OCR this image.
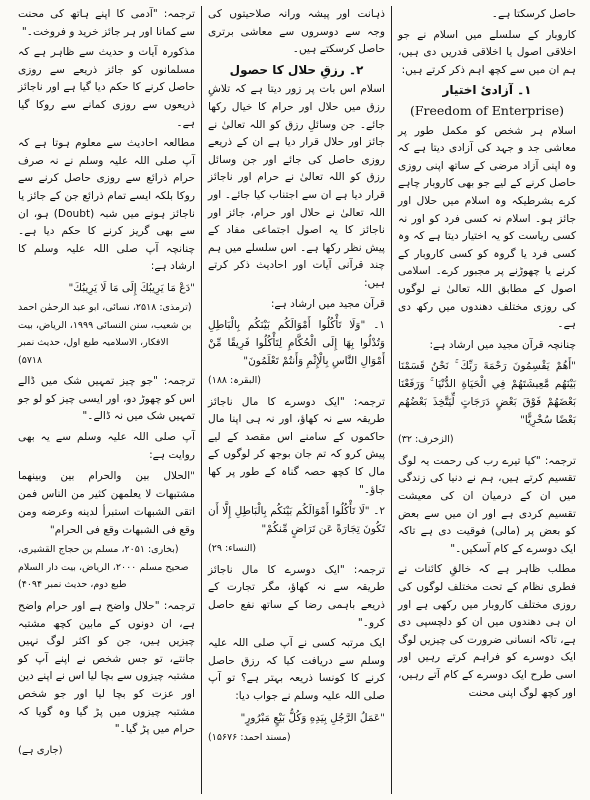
حاصل کرسکتا ہے۔
کاروبار کے سلسلے میں اسلام نے جو اخلاقی اصول یا اخلاقی قدریں دی ہیں، ہم ان میں سے کچھ اہم ذکر کرتے ہیں:
۱۔ آزادیٔ اختیار
(Freedom of Enterprise)
اسلام ہر شخص کو مکمل طور پر معاشی جد و جہد کی آزادی دیتا ہے کہ وہ اپنی آزاد مرضی کے ساتھ اپنی روزی حاصل کرنے کے لیے جو بھی کاروبار چاہے کرے بشرطیکہ وہ اسلام میں حلال اور جائز ہو۔ اسلام نہ کسی فرد کو اور نہ کسی ریاست کو یہ اختیار دیتا ہے کہ وہ کسی فرد یا گروہ کو کسی کاروبار کے کرنے یا چھوڑنے پر مجبور کرے۔ اسلامی اصول کے مطابق اللہ تعالیٰ نے لوگوں کی روزی مختلف دھندوں میں رکھ دی ہے۔
چنانچہ قرآن مجید میں ارشاد ہے:
"أَهُمْ يَقْسِمُونَ رَحْمَةَ رَبِّكَ ۚ نَحْنُ قَسَمْنَا بَيْنَهُم مَّعِيشَتَهُمْ فِي الْحَيَاةِ الدُّنْيَا ۚ وَرَفَعْنَا بَعْضَهُمْ فَوْقَ بَعْضٍ دَرَجَاتٍ لِّيَتَّخِذَ بَعْضُهُم بَعْضًا سُخْرِيًّا"
(الزخرف: ۳۲)
ترجمہ: "کیا تیرے رب کی رحمت یہ لوگ تقسیم کرتے ہیں، ہم نے دنیا کی زندگی میں ان کے درمیان ان کی معیشت تقسیم کردی ہے اور ان میں سے بعض کو بعض پر (مالی) فوقیت دی ہے تاکہ ایک دوسرے کے کام آسکیں۔"
مطلب ظاہر ہے کہ خالقِ کائنات نے فطری نظام کے تحت مختلف لوگوں کی روزی مختلف کاروبار میں رکھی ہے اور ان ہی دھندوں میں ان کو دلچسپی دی ہے، تاکہ انسانی ضرورت کی چیزیں لوگ ایک دوسرے کو فراہم کرتے رہیں اور اسی طرح ایک دوسرے کے کام آتے رہیں، اور کچھ لوگ اپنی محنت
ذہانت اور پیشہ ورانہ صلاحیتوں کی وجہ سے دوسروں سے معاشی برتری حاصل کرسکتے ہیں۔
۲۔ رزقِ حلال کا حصول
اسلام اس بات پر زور دیتا ہے کہ تلاشِ رزق میں حلال اور حرام کا خیال رکھا جائے۔ جن وسائلِ رزق کو اللہ تعالیٰ نے جائز اور حلال قرار دیا ہے ان کے ذریعے روزی حاصل کی جائے اور جن وسائل رزق کو اللہ تعالیٰ نے حرام اور ناجائز قرار دیا ہے ان سے اجتناب کیا جائے۔ اور اللہ تعالیٰ نے حلال اور حرام، جائز اور ناجائز کا یہ اصول اجتماعی مفاد کے پیش نظر رکھا ہے۔ اس سلسلے میں ہم چند قرآنی آیات اور احادیث ذکر کرتے ہیں:
قرآن مجید میں ارشاد ہے:
۱۔ "وَلَا تَأْكُلُوا أَمْوَالَكُم بَيْنَكُم بِالْبَاطِلِ وَتُدْلُوا بِهَا إِلَى الْحُكَّامِ لِتَأْكُلُوا فَرِيقًا مِّنْ أَمْوَالِ النَّاسِ بِالْإِثْمِ وَأَنتُمْ تَعْلَمُونَ"
(البقرہ: ۱۸۸)
ترجمہ: "ایک دوسرے کا مال ناجائز طریقہ سے نہ کھاؤ، اور نہ ہی اپنا مال حاکموں کے سامنے اس مقصد کے لیے پیش کرو کہ تم جان بوجھ کر لوگوں کے مال کا کچھ حصہ گناہ کے طور پر کھا جاؤ۔"
۲۔ "لَا تَأْكُلُوا أَمْوَالَكُم بَيْنَكُم بِالْبَاطِلِ إِلَّا أَن تَكُونَ تِجَارَةً عَن تَرَاضٍ مِّنكُمْ"
(النساء: ۲۹)
ترجمہ: "ایک دوسرے کا مال ناجائز طریقہ سے نہ کھاؤ، مگر تجارت کے ذریعے باہمی رضا کے ساتھ نفع حاصل کرو۔"
ایک مرتبہ کسی نے آپ صلی اللہ علیہ وسلم سے دریافت کیا کہ رزق حاصل کرنے کا کونسا ذریعہ بہتر ہے؟ تو آپ صلی اللہ علیہ وسلم نے جواب دیا:
"عَمَلُ الرَّجُلِ بِيَدِهِ وَكُلُّ بَيْعٍ مَبْرُورٍ"
(مسند احمد: ۱۵۶۷۶)
ترجمہ: "آدمی کا اپنے ہاتھ کی محنت سے کمانا اور ہر جائز خرید و فروخت۔"
مذکورہ آیات و حدیث سے ظاہر ہے کہ مسلمانوں کو جائز ذریعے سے روزی حاصل کرنے کا حکم دیا گیا ہے اور ناجائز ذریعوں سے روزی کمانے سے روکا گیا ہے۔
مطالعہ احادیث سے معلوم ہوتا ہے کہ آپ صلی اللہ علیہ وسلم نے نہ صرف حرام ذرائع سے روزی حاصل کرنے سے روکا بلکہ ایسے تمام ذرائع جن کے جائز یا ناجائز ہونے میں شبہ (Doubt) ہو، ان سے بھی گریز کرنے کا حکم دیا ہے۔ چنانچہ آپ صلی اللہ علیہ وسلم کا ارشاد ہے:
"دَعْ مَا يَرِيبُكَ إِلَى مَا لَا يَرِيبُكَ"
(ترمذی: ۲۵۱۸، نسائی، ابو عبد الرحمٰن احمد بن شعیب، سنن النسائی ۱۹۹۹، الریاض، بیت الافکار، الاسلامیہ طبع اول، حدیث نمبر ۵۷۱۸)
ترجمہ: "جو چیز تمہیں شک میں ڈالے اس کو چھوڑ دو، اور ایسی چیز کو لو جو تمہیں شک میں نہ ڈالے۔"
آپ صلی اللہ علیہ وسلم سے یہ بھی روایت ہے:
"الحلال بین والحرام بین وبینهما مشتبهات لا یعلمهن کثیر من الناس فمن اتقی الشبهات استبرأ لدینه وعرضه ومن وقع فی الشبهات وقع فی الحرام"
(بخاری: ۲۰۵۱، مسلم بن حجاج القشیری، صحیح مسلم ۲۰۰۰، الریاض، بیت دار السلام طبع دوم، حدیث نمبر ۴۰۹۴)
ترجمہ: "حلال واضح ہے اور حرام واضح ہے، ان دونوں کے مابین کچھ مشتبہ چیزیں ہیں، جن کو اکثر لوگ نہیں جانتے، تو جس شخص نے اپنے آپ کو مشتبہ چیزوں سے بچا لیا اس نے اپنے دین اور عزت کو بچا لیا اور جو شخص مشتبہ چیزوں میں پڑ گیا وہ گویا کہ حرام میں پڑ گیا۔"
(جاری ہے)
